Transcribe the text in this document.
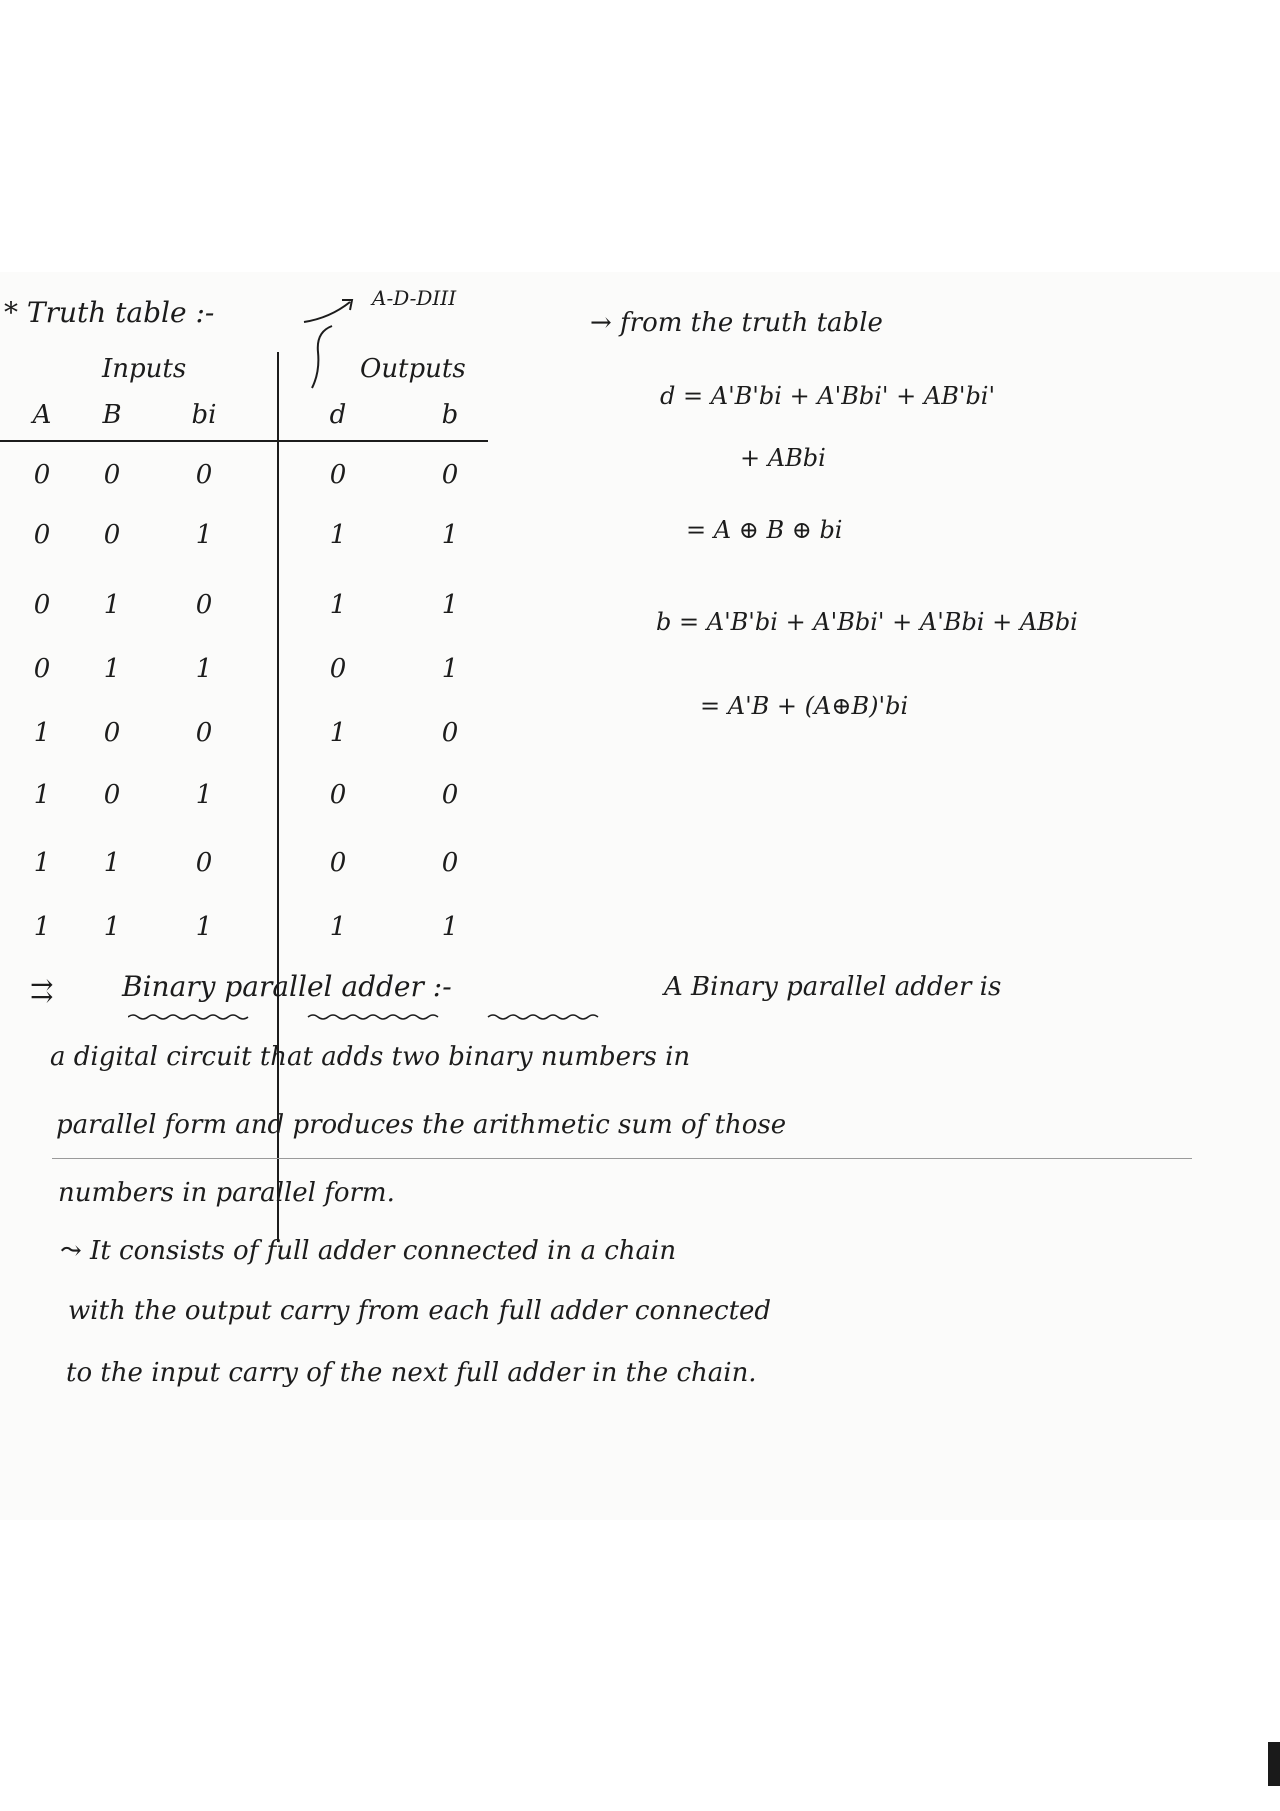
* Truth table :-	A-D-DIII
Inputs	Outputs
A	B	bi	d	b
0	0	0	0	0
0	0	1	1	1
0	1	0	1	1
0	1	1	0	1
1	0	0	1	0
1	0	1	0	0
1	1	0	0	0
1	1	1	1	1
→ from the truth table
d = A'B'bi + A'Bbi' + AB'bi'
+ ABbi
= A ⊕ B ⊕ bi
b = A'B'bi + A'Bbi' + A'Bbi + ABbi
= A'B + (A⊕B)'bi
⇉ Binary parallel adder :-	A Binary parallel adder is
a digital circuit that adds two binary numbers in
parallel form and produces the arithmetic sum of those
numbers in parallel form.
⤳ It consists of full adder connected in a chain
with the output carry from each full adder connected
to the input carry of the next full adder in the chain.
